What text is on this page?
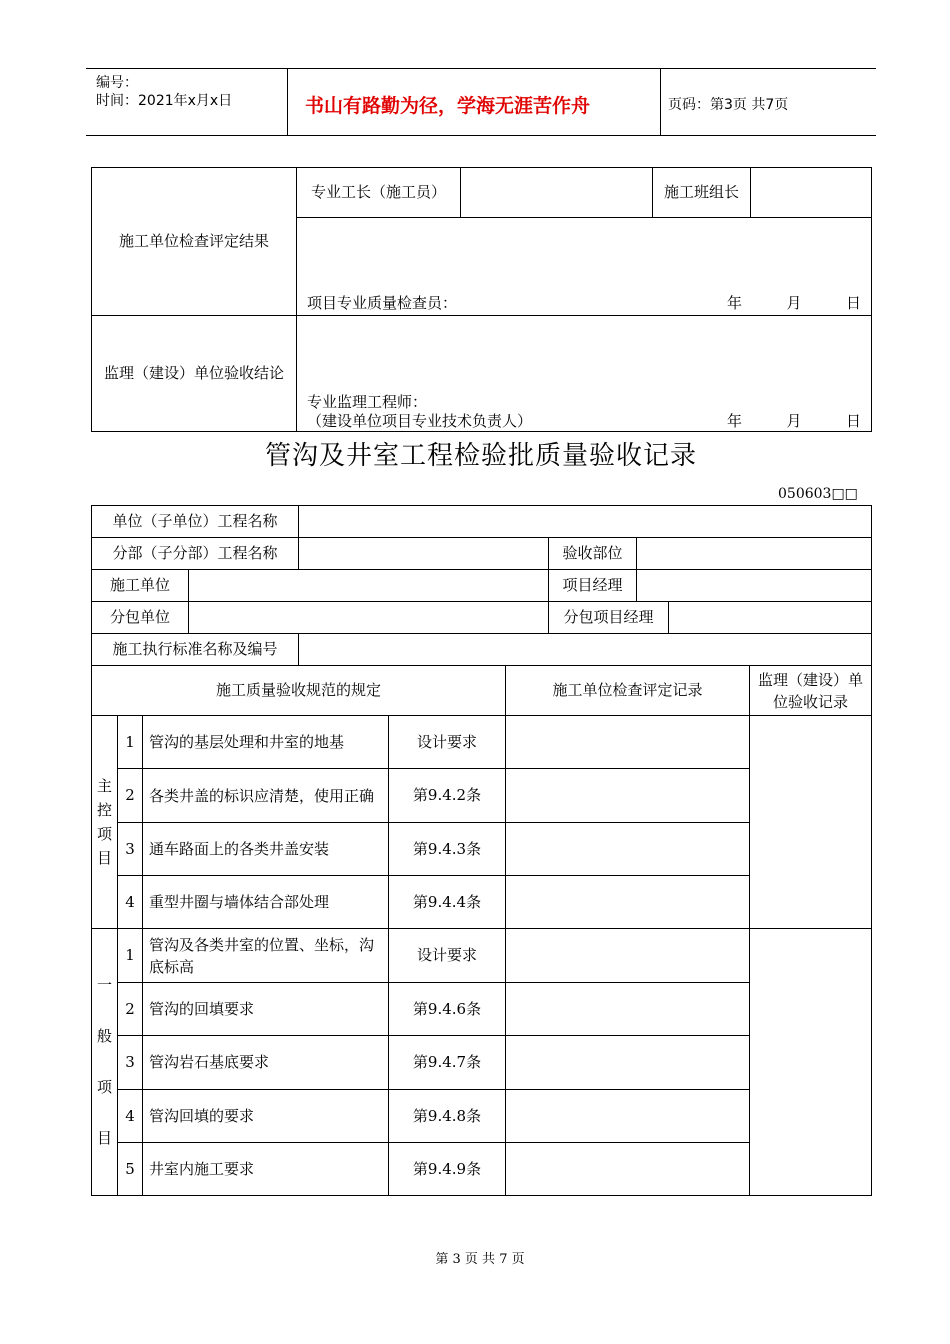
编号：
时间：2021年x月x日	书山有路勤为径，学海无涯苦作舟	页码：第3页 共7页
施工单位检查评定结果	专业工长（施工员）		施工班组长	

	项目专业质量检查员： 年 月 日			

监理（建设）单位验收结论	专业监理工程师：
（建设单位项目专业技术负责人） 年 月 日			
管沟及井室工程检验批质量验收记录
050603□□
单位（子单位）工程名称					
分部（子分部）工程名称			验收部位		
施工单位			项目经理		
分包单位			分包项目经理		
施工执行标准名称及编号					
施工质量验收规范的规定				施工单位检查评定记录	监理（建设）单位验收记录

主控项目	1	管沟的基层处理和井室的地基	设计要求		
	2	各类井盖的标识应清楚，使用正确	第9.4.2条		
	3	通车路面上的各类井盖安装	第9.4.3条		
	4	重型井圈与墙体结合部处理	第9.4.4条		

一般项目	1	管沟及各类井室的位置、坐标，沟底标高	设计要求		
	2	管沟的回填要求	第9.4.6条		
	3	管沟岩石基底要求	第9.4.7条		
	4	管沟回填的要求	第9.4.8条		
	5	井室内施工要求	第9.4.9条		
第 3 页 共 7 页
